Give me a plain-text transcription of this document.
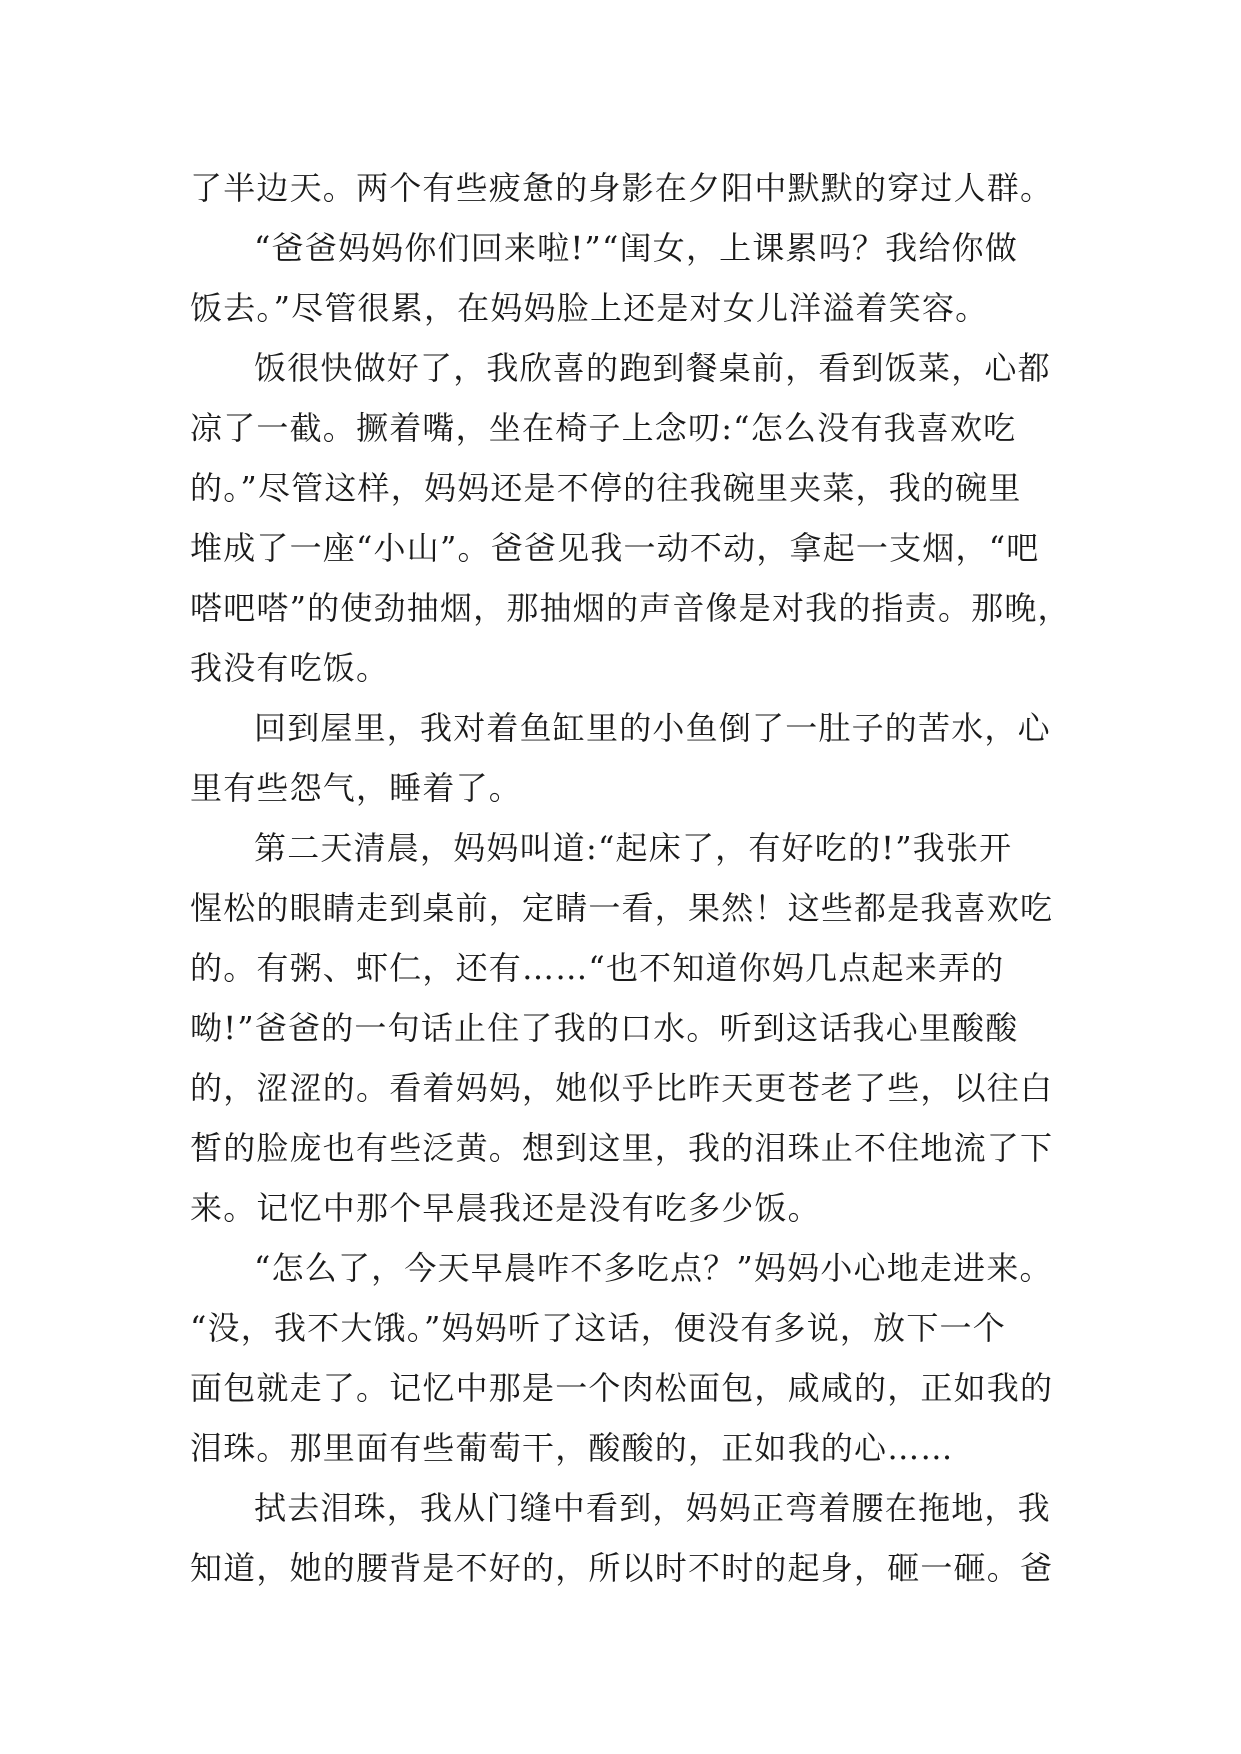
了半边天。两个有些疲惫的身影在夕阳中默默的穿过人群。
“爸爸妈妈你们回来啦!”“闺女，上课累吗？我给你做
饭去。”尽管很累，在妈妈脸上还是对女儿洋溢着笑容。
饭很快做好了，我欣喜的跑到餐桌前，看到饭菜，心都
凉了一截。撅着嘴，坐在椅子上念叨:“怎么没有我喜欢吃
的。”尽管这样，妈妈还是不停的往我碗里夹菜，我的碗里
堆成了一座“小山”。爸爸见我一动不动，拿起一支烟，“吧
嗒吧嗒”的使劲抽烟，那抽烟的声音像是对我的指责。那晚，
我没有吃饭。
回到屋里，我对着鱼缸里的小鱼倒了一肚子的苦水，心
里有些怨气，睡着了。
第二天清晨，妈妈叫道:“起床了，有好吃的!”我张开
惺松的眼睛走到桌前，定睛一看，果然！这些都是我喜欢吃
的。有粥、虾仁，还有……“也不知道你妈几点起来弄的
呦!”爸爸的一句话止住了我的口水。听到这话我心里酸酸
的，涩涩的。看着妈妈，她似乎比昨天更苍老了些，以往白
皙的脸庞也有些泛黄。想到这里，我的泪珠止不住地流了下
来。记忆中那个早晨我还是没有吃多少饭。
“怎么了，今天早晨咋不多吃点？”妈妈小心地走进来。
“没，我不大饿。”妈妈听了这话，便没有多说，放下一个
面包就走了。记忆中那是一个肉松面包，咸咸的，正如我的
泪珠。那里面有些葡萄干，酸酸的，正如我的心……
拭去泪珠，我从门缝中看到，妈妈正弯着腰在拖地，我
知道，她的腰背是不好的，所以时不时的起身，砸一砸。爸
